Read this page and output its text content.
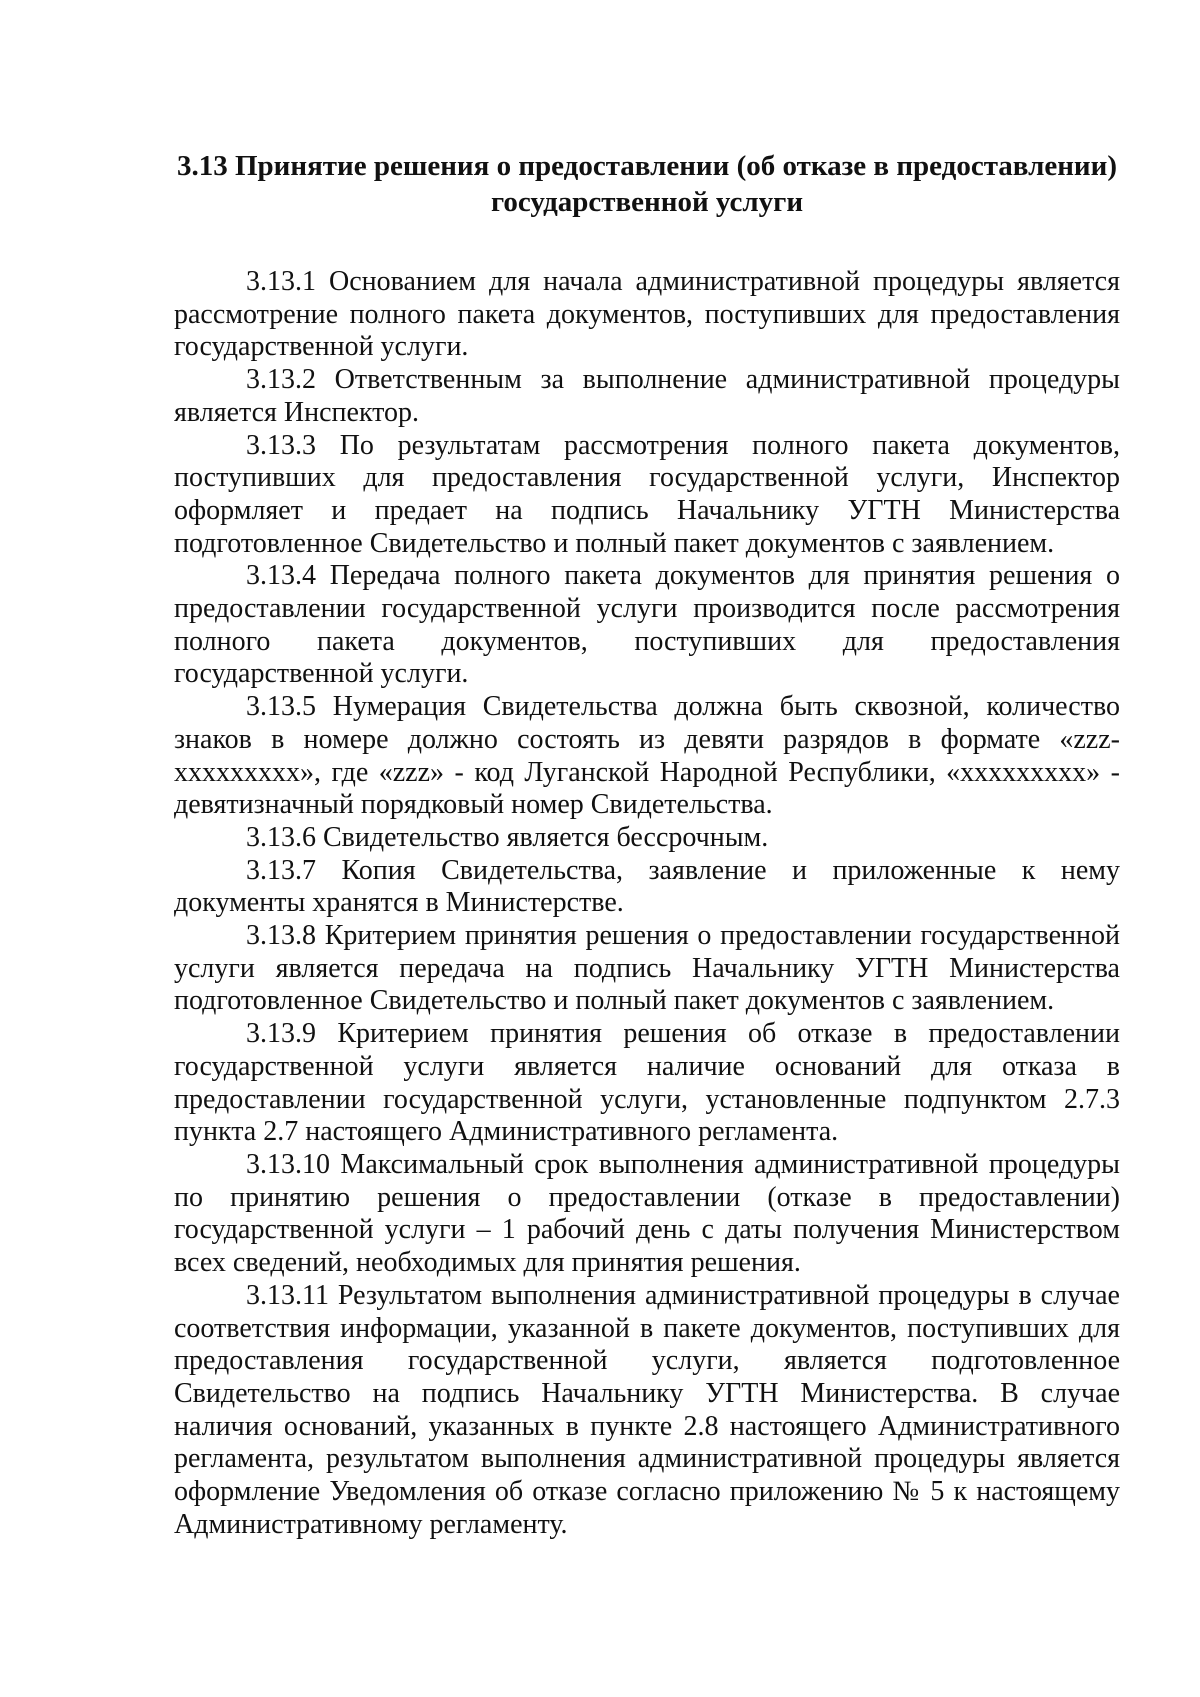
3.13 Принятие решения о предоставлении (об отказе в предоставлении)
государственной услуги

3.13.1 Основанием для начала административной процедуры является рассмотрение полного пакета документов, поступивших для предоставления государственной услуги.

3.13.2 Ответственным за выполнение административной процедуры является Инспектор.

3.13.3 По результатам рассмотрения полного пакета документов, поступивших для предоставления государственной услуги, Инспектор оформляет и предает на подпись Начальнику УГТН Министерства подготовленное Свидетельство и полный пакет документов с заявлением.

3.13.4 Передача полного пакета документов для принятия решения о предоставлении государственной услуги производится после рассмотрения полного пакета документов, поступивших для предоставления государственной услуги.

3.13.5 Нумерация Свидетельства должна быть сквозной, количество знаков в номере должно состоять из девяти разрядов в формате «zzz-xxxxxxxxx», где «zzz» - код Луганской Народной Республики, «xxxxxxxxx» - девятизначный порядковый номер Свидетельства.

3.13.6 Свидетельство является бессрочным.

3.13.7 Копия Свидетельства, заявление и приложенные к нему документы хранятся в Министерстве.

3.13.8 Критерием принятия решения о предоставлении государственной услуги является передача на подпись Начальнику УГТН Министерства подготовленное Свидетельство и полный пакет документов с заявлением.

3.13.9 Критерием принятия решения об отказе в предоставлении государственной услуги является наличие оснований для отказа в предоставлении государственной услуги, установленные подпунктом 2.7.3 пункта 2.7 настоящего Административного регламента.

3.13.10 Максимальный срок выполнения административной процедуры по принятию решения о предоставлении (отказе в предоставлении) государственной услуги – 1 рабочий день с даты получения Министерством всех сведений, необходимых для принятия решения.

3.13.11 Результатом выполнения административной процедуры в случае соответствия информации, указанной в пакете документов, поступивших для предоставления государственной услуги, является подготовленное Свидетельство на подпись Начальнику УГТН Министерства. В случае наличия оснований, указанных в пункте 2.8 настоящего Административного регламента, результатом выполнения административной процедуры является оформление Уведомления об отказе согласно приложению № 5 к настоящему Административному регламенту.
